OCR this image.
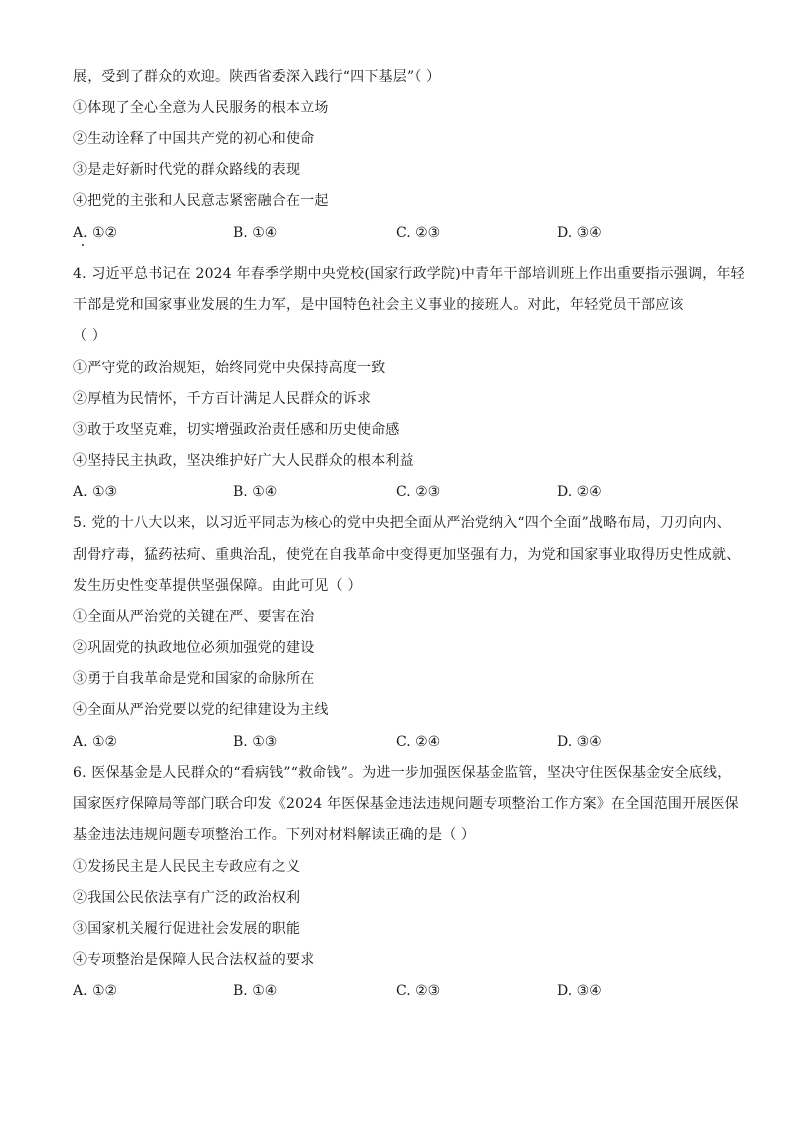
展，受到了群众的欢迎。陕西省委深入践行“四下基层”（ ）
①体现了全心全意为人民服务的根本立场
②生动诠释了中国共产党的初心和使命
③是走好新时代党的群众路线的表现
④把党的主张和人民意志紧密融合在一起
A. ①②	B. ①④	C. ②③	D. ③④
4. 习近平总书记在 2024 年春季学期中央党校(国家行政学院)中青年干部培训班上作出重要指示强调，年轻
干部是党和国家事业发展的生力军，是中国特色社会主义事业的接班人。对此，年轻党员干部应该
（ ）
①严守党的政治规矩，始终同党中央保持高度一致
②厚植为民情怀，千方百计满足人民群众的诉求
③敢于攻坚克难，切实增强政治责任感和历史使命感
④坚持民主执政，坚决维护好广大人民群众的根本利益
A. ①③	B. ①④	C. ②③	D. ②④
5. 党的十八大以来，以习近平同志为核心的党中央把全面从严治党纳入“四个全面”战略布局，刀刃向内、
刮骨疗毒，猛药祛疴、重典治乱，使党在自我革命中变得更加坚强有力，为党和国家事业取得历史性成就、
发生历史性变革提供坚强保障。由此可见（ ）
①全面从严治党的关键在严、要害在治
②巩固党的执政地位必须加强党的建设
③勇于自我革命是党和国家的命脉所在
④全面从严治党要以党的纪律建设为主线
A. ①②	B. ①③	C. ②④	D. ③④
6. 医保基金是人民群众的“看病钱”“救命钱”。为进一步加强医保基金监管，坚决守住医保基金安全底线，
国家医疗保障局等部门联合印发《2024 年医保基金违法违规问题专项整治工作方案》在全国范围开展医保
基金违法违规问题专项整治工作。下列对材料解读正确的是（ ）
①发扬民主是人民民主专政应有之义
②我国公民依法享有广泛的政治权利
③国家机关履行促进社会发展的职能
④专项整治是保障人民合法权益的要求
A. ①②	B. ①④	C. ②③	D. ③④
